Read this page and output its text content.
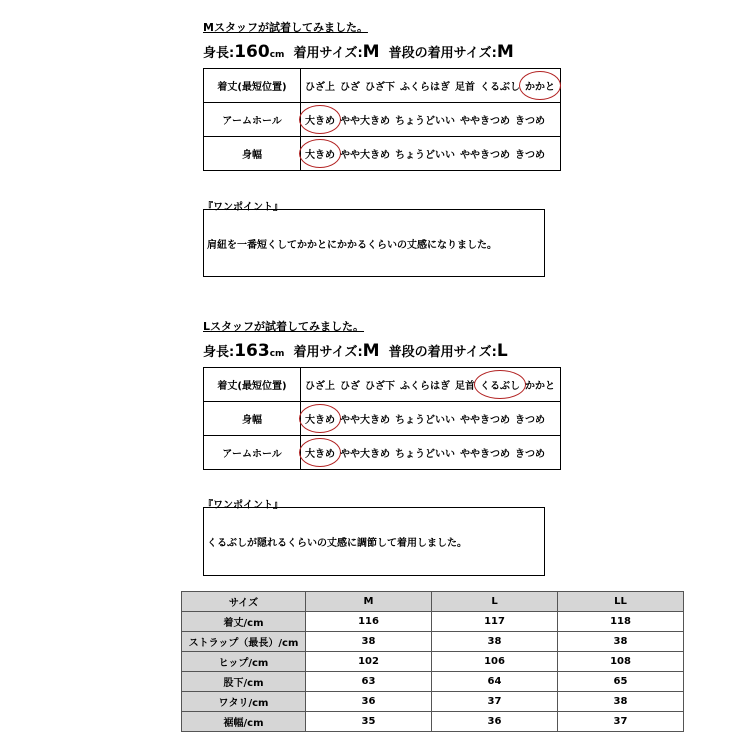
Mスタッフが試着してみました。
身長:160cm 着用サイズ:M 普段の着用サイズ:M
着丈(最短位置)	ひざ上 ひざ ひざ下 ふくらはぎ 足首 くるぶし かかと
アームホール	大きめ やや大きめ ちょうどいい ややきつめ きつめ
身幅	大きめ やや大きめ ちょうどいい ややきつめ きつめ
『ワンポイント』
肩紐を一番短くしてかかとにかかるくらいの丈感になりました。
Lスタッフが試着してみました。
身長:163cm 着用サイズ:M 普段の着用サイズ:L
着丈(最短位置)	ひざ上 ひざ ひざ下 ふくらはぎ 足首 くるぶし かかと
身幅	大きめ やや大きめ ちょうどいい ややきつめ きつめ
アームホール	大きめ やや大きめ ちょうどいい ややきつめ きつめ
『ワンポイント』
くるぶしが隠れるくらいの丈感に調節して着用しました。
サイズ	M	L	LL
着丈/cm	116	117	118
ストラップ（最長）/cm	38	38	38
ヒップ/cm	102	106	108
股下/cm	63	64	65
ワタリ/cm	36	37	38
裾幅/cm	35	36	37
